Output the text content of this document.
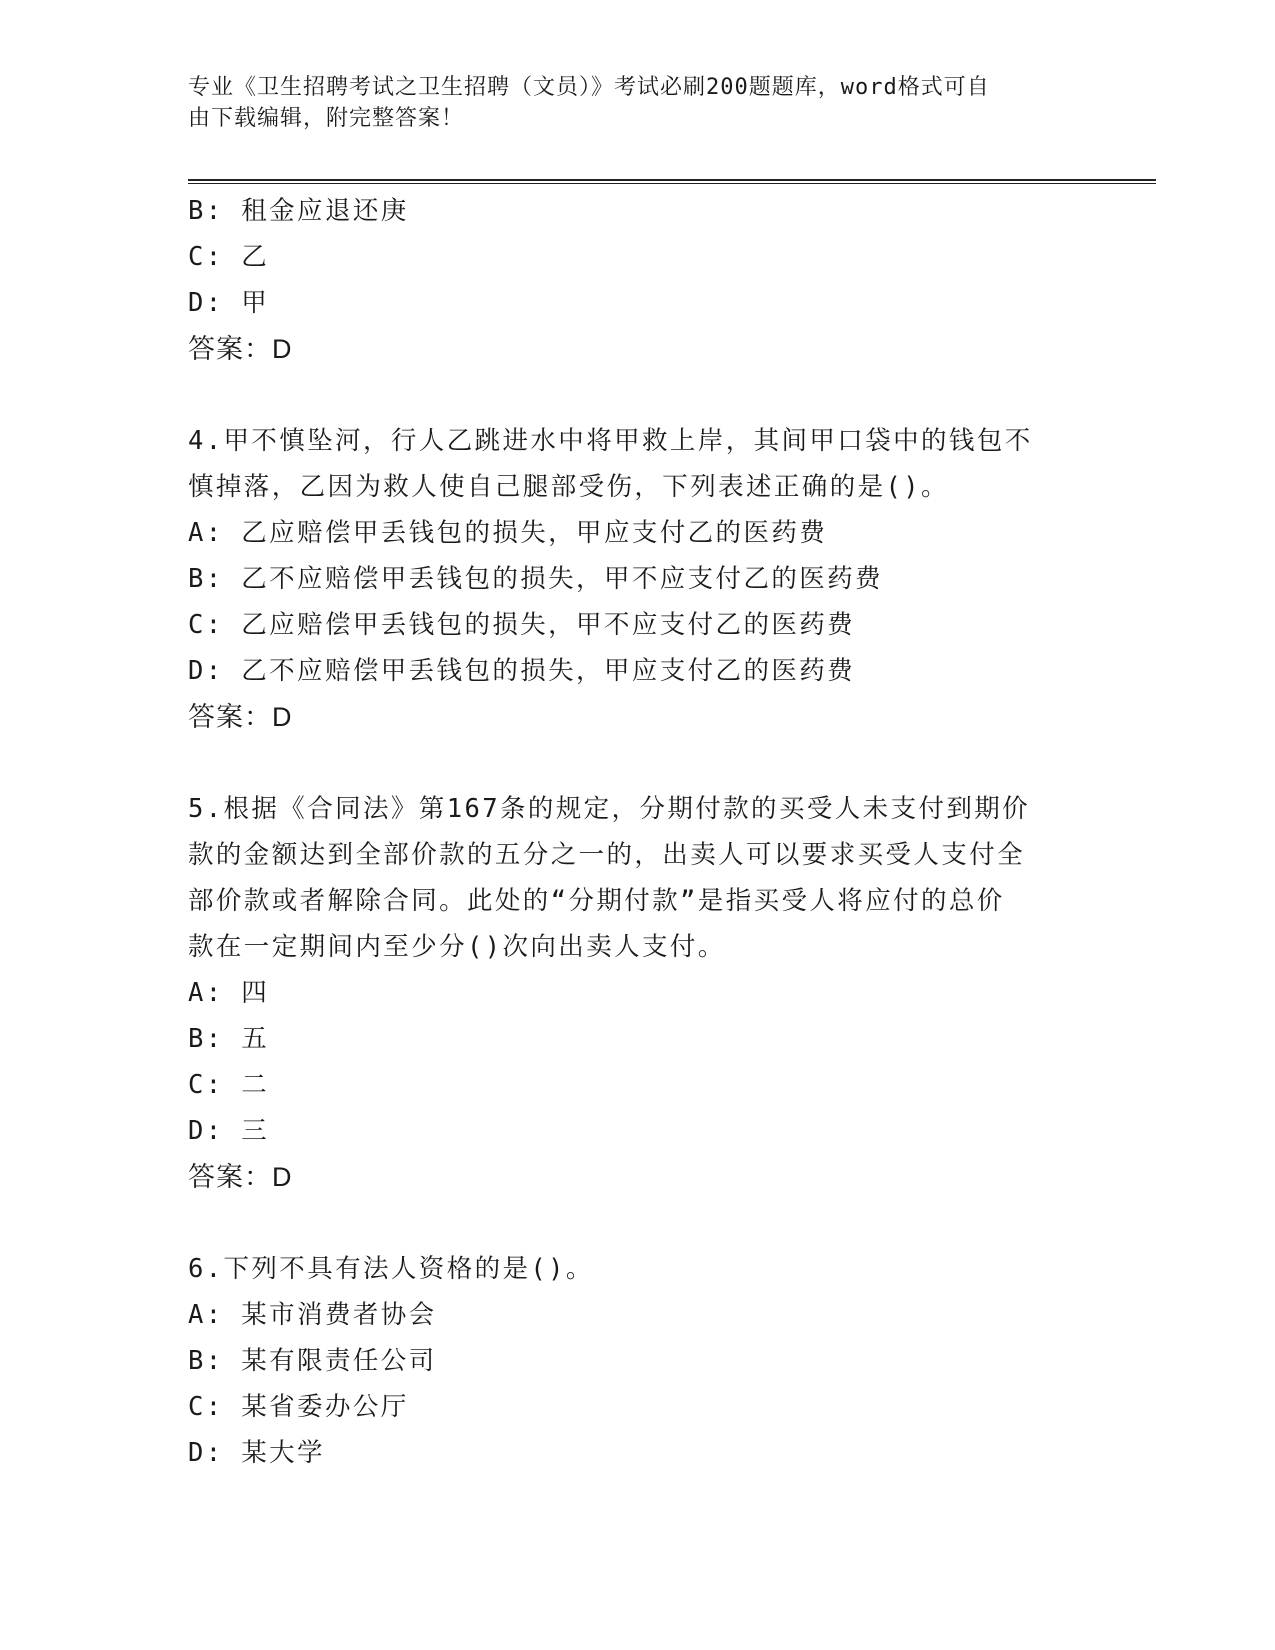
专业《卫生招聘考试之卫生招聘（文员）》考试必刷200题题库，word格式可自
由下载编辑，附完整答案！
B: 租金应退还庚
C: 乙
D: 甲
答案：D
4.甲不慎坠河，行人乙跳进水中将甲救上岸，其间甲口袋中的钱包不
慎掉落，乙因为救人使自己腿部受伤，下列表述正确的是()。
A: 乙应赔偿甲丢钱包的损失，甲应支付乙的医药费
B: 乙不应赔偿甲丢钱包的损失，甲不应支付乙的医药费
C: 乙应赔偿甲丢钱包的损失，甲不应支付乙的医药费
D: 乙不应赔偿甲丢钱包的损失，甲应支付乙的医药费
答案：D
5.根据《合同法》第167条的规定，分期付款的买受人未支付到期价
款的金额达到全部价款的五分之一的，出卖人可以要求买受人支付全
部价款或者解除合同。此处的“分期付款”是指买受人将应付的总价
款在一定期间内至少分()次向出卖人支付。
A: 四
B: 五
C: 二
D: 三
答案：D
6.下列不具有法人资格的是()。
A: 某市消费者协会
B: 某有限责任公司
C: 某省委办公厅
D: 某大学
